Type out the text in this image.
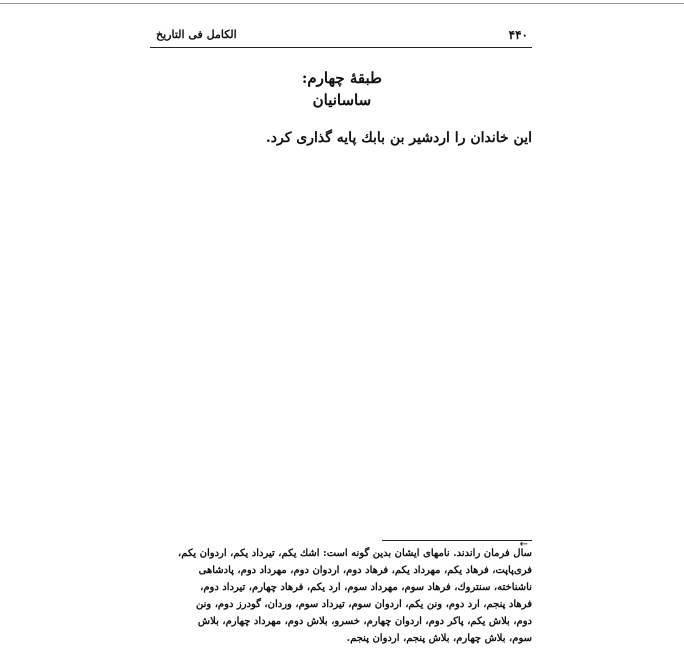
۴۴۰
الکامل فی التاریخ
طبقهٔ چهارم:
ساسانیان

این خاندان را اردشیر بن بابك پایه گذاری کرد.

←
سال فرمان راندند. نامهای ایشان بدین گونه است: اشك یكم، تیرداد یكم، اردوان یكم،
فری‌پاپت، فرهاد یكم، مهرداد یكم، فرهاد دوم، اردوان دوم، مهرداد دوم، پادشاهی
ناشناخته، سنتروك، فرهاد سوم، مهرداد سوم، ارد یكم، فرهاد چهارم، تیرداد دوم،
فرهاد پنجم، ارد دوم، ونن یكم، اردوان سوم، تیرداد سوم، وردان، گودرز دوم، ونن
دوم، بلاش یكم، پاكر دوم، اردوان چهارم، خسرو، بلاش دوم، مهرداد چهارم، بلاش
سوم، بلاش چهارم، بلاش پنجم، اردوان پنجم.
